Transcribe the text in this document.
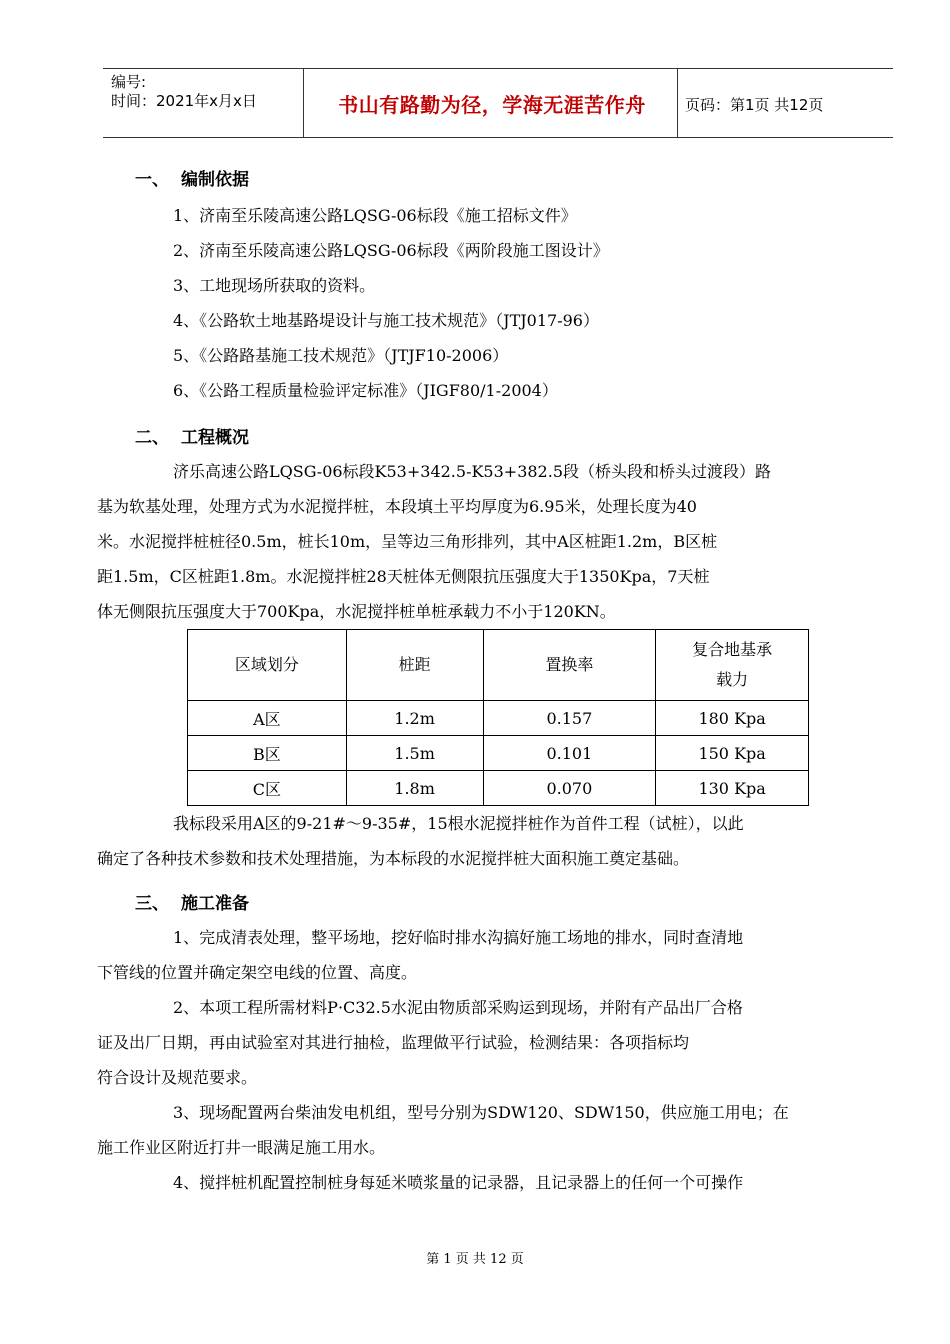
编号:
时间：2021年x月x日	书山有路勤为径，学海无涯苦作舟	页码：第1页 共12页
一、 编制依据
1、济南至乐陵高速公路LQSG-06标段《施工招标文件》
2、济南至乐陵高速公路LQSG-06标段《两阶段施工图设计》
3、工地现场所获取的资料。
4、《公路软土地基路堤设计与施工技术规范》（JTJ017-96）
5、《公路路基施工技术规范》（JTJF10-2006）
6、《公路工程质量检验评定标准》（JIGF80/1-2004）
二、 工程概况

济乐高速公路LQSG-06标段K53+342.5-K53+382.5段（桥头段和桥头过渡段）路
基为软基处理，处理方式为水泥搅拌桩，本段填土平均厚度为6.95米，处理长度为40
米。水泥搅拌桩桩径0.5m，桩长10m，呈等边三角形排列，其中A区桩距1.2m，B区桩
距1.5m，C区桩距1.8m。水泥搅拌桩28天桩体无侧限抗压强度大于1350Kpa，7天桩
体无侧限抗压强度大于700Kpa，水泥搅拌桩单桩承载力不小于120KN。

区域划分	桩距	置换率	复合地基承
载力

A区	1.2m	0.157	180 Kpa
B区	1.5m	0.101	150 Kpa
C区	1.8m	0.070	130 Kpa

我标段采用A区的9-21#～9-35#，15根水泥搅拌桩作为首件工程（试桩），以此
确定了各种技术参数和技术处理措施，为本标段的水泥搅拌桩大面积施工奠定基础。

三、 施工准备

1、完成清表处理，整平场地，挖好临时排水沟搞好施工场地的排水，同时查清地
下管线的位置并确定架空电线的位置、高度。

2、本项工程所需材料P·C32.5水泥由物质部采购运到现场，并附有产品出厂合格
证及出厂日期，再由试验室对其进行抽检，监理做平行试验，检测结果：各项指标均
符合设计及规范要求。

3、现场配置两台柴油发电机组，型号分别为SDW120、SDW150，供应施工用电；在
施工作业区附近打井一眼满足施工用水。

4、搅拌桩机配置控制桩身每延米喷浆量的记录器，且记录器上的任何一个可操作

第 1 页 共 12 页
